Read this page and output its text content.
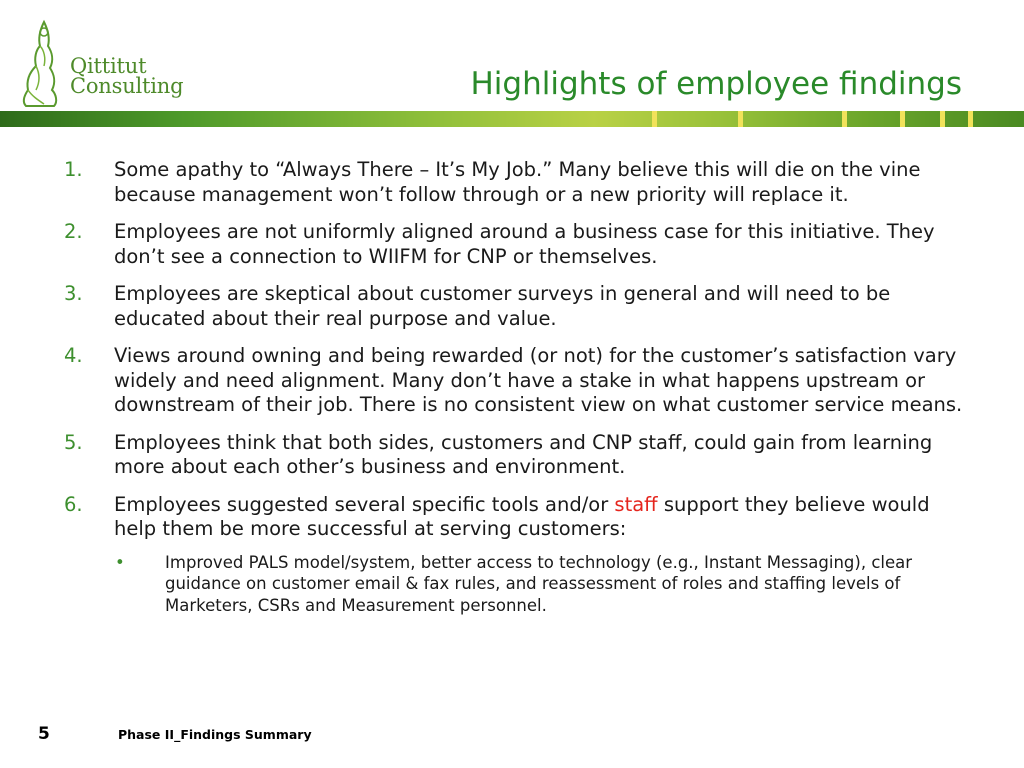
Qittitut
Consulting	Highlights of employee findings
1. Some apathy to “Always There – It’s My Job.” Many believe this will die on the vine because management won’t follow through or a new priority will replace it.
2. Employees are not uniformly aligned around a business case for this initiative. They don’t see a connection to WIIFM for CNP or themselves.
3. Employees are skeptical about customer surveys in general and will need to be educated about their real purpose and value.
4. Views around owning and being rewarded (or not) for the customer’s satisfaction vary widely and need alignment. Many don’t have a stake in what happens upstream or downstream of their job. There is no consistent view on what customer service means.
5. Employees think that both sides, customers and CNP staff, could gain from learning more about each other’s business and environment.
6. Employees suggested several specific tools and/or staff support they believe would help them be more successful at serving customers:
• Improved PALS model/system, better access to technology (e.g., Instant Messaging), clear guidance on customer email & fax rules, and reassessment of roles and staffing levels of Marketers, CSRs and Measurement personnel.
5	Phase II_Findings Summary
